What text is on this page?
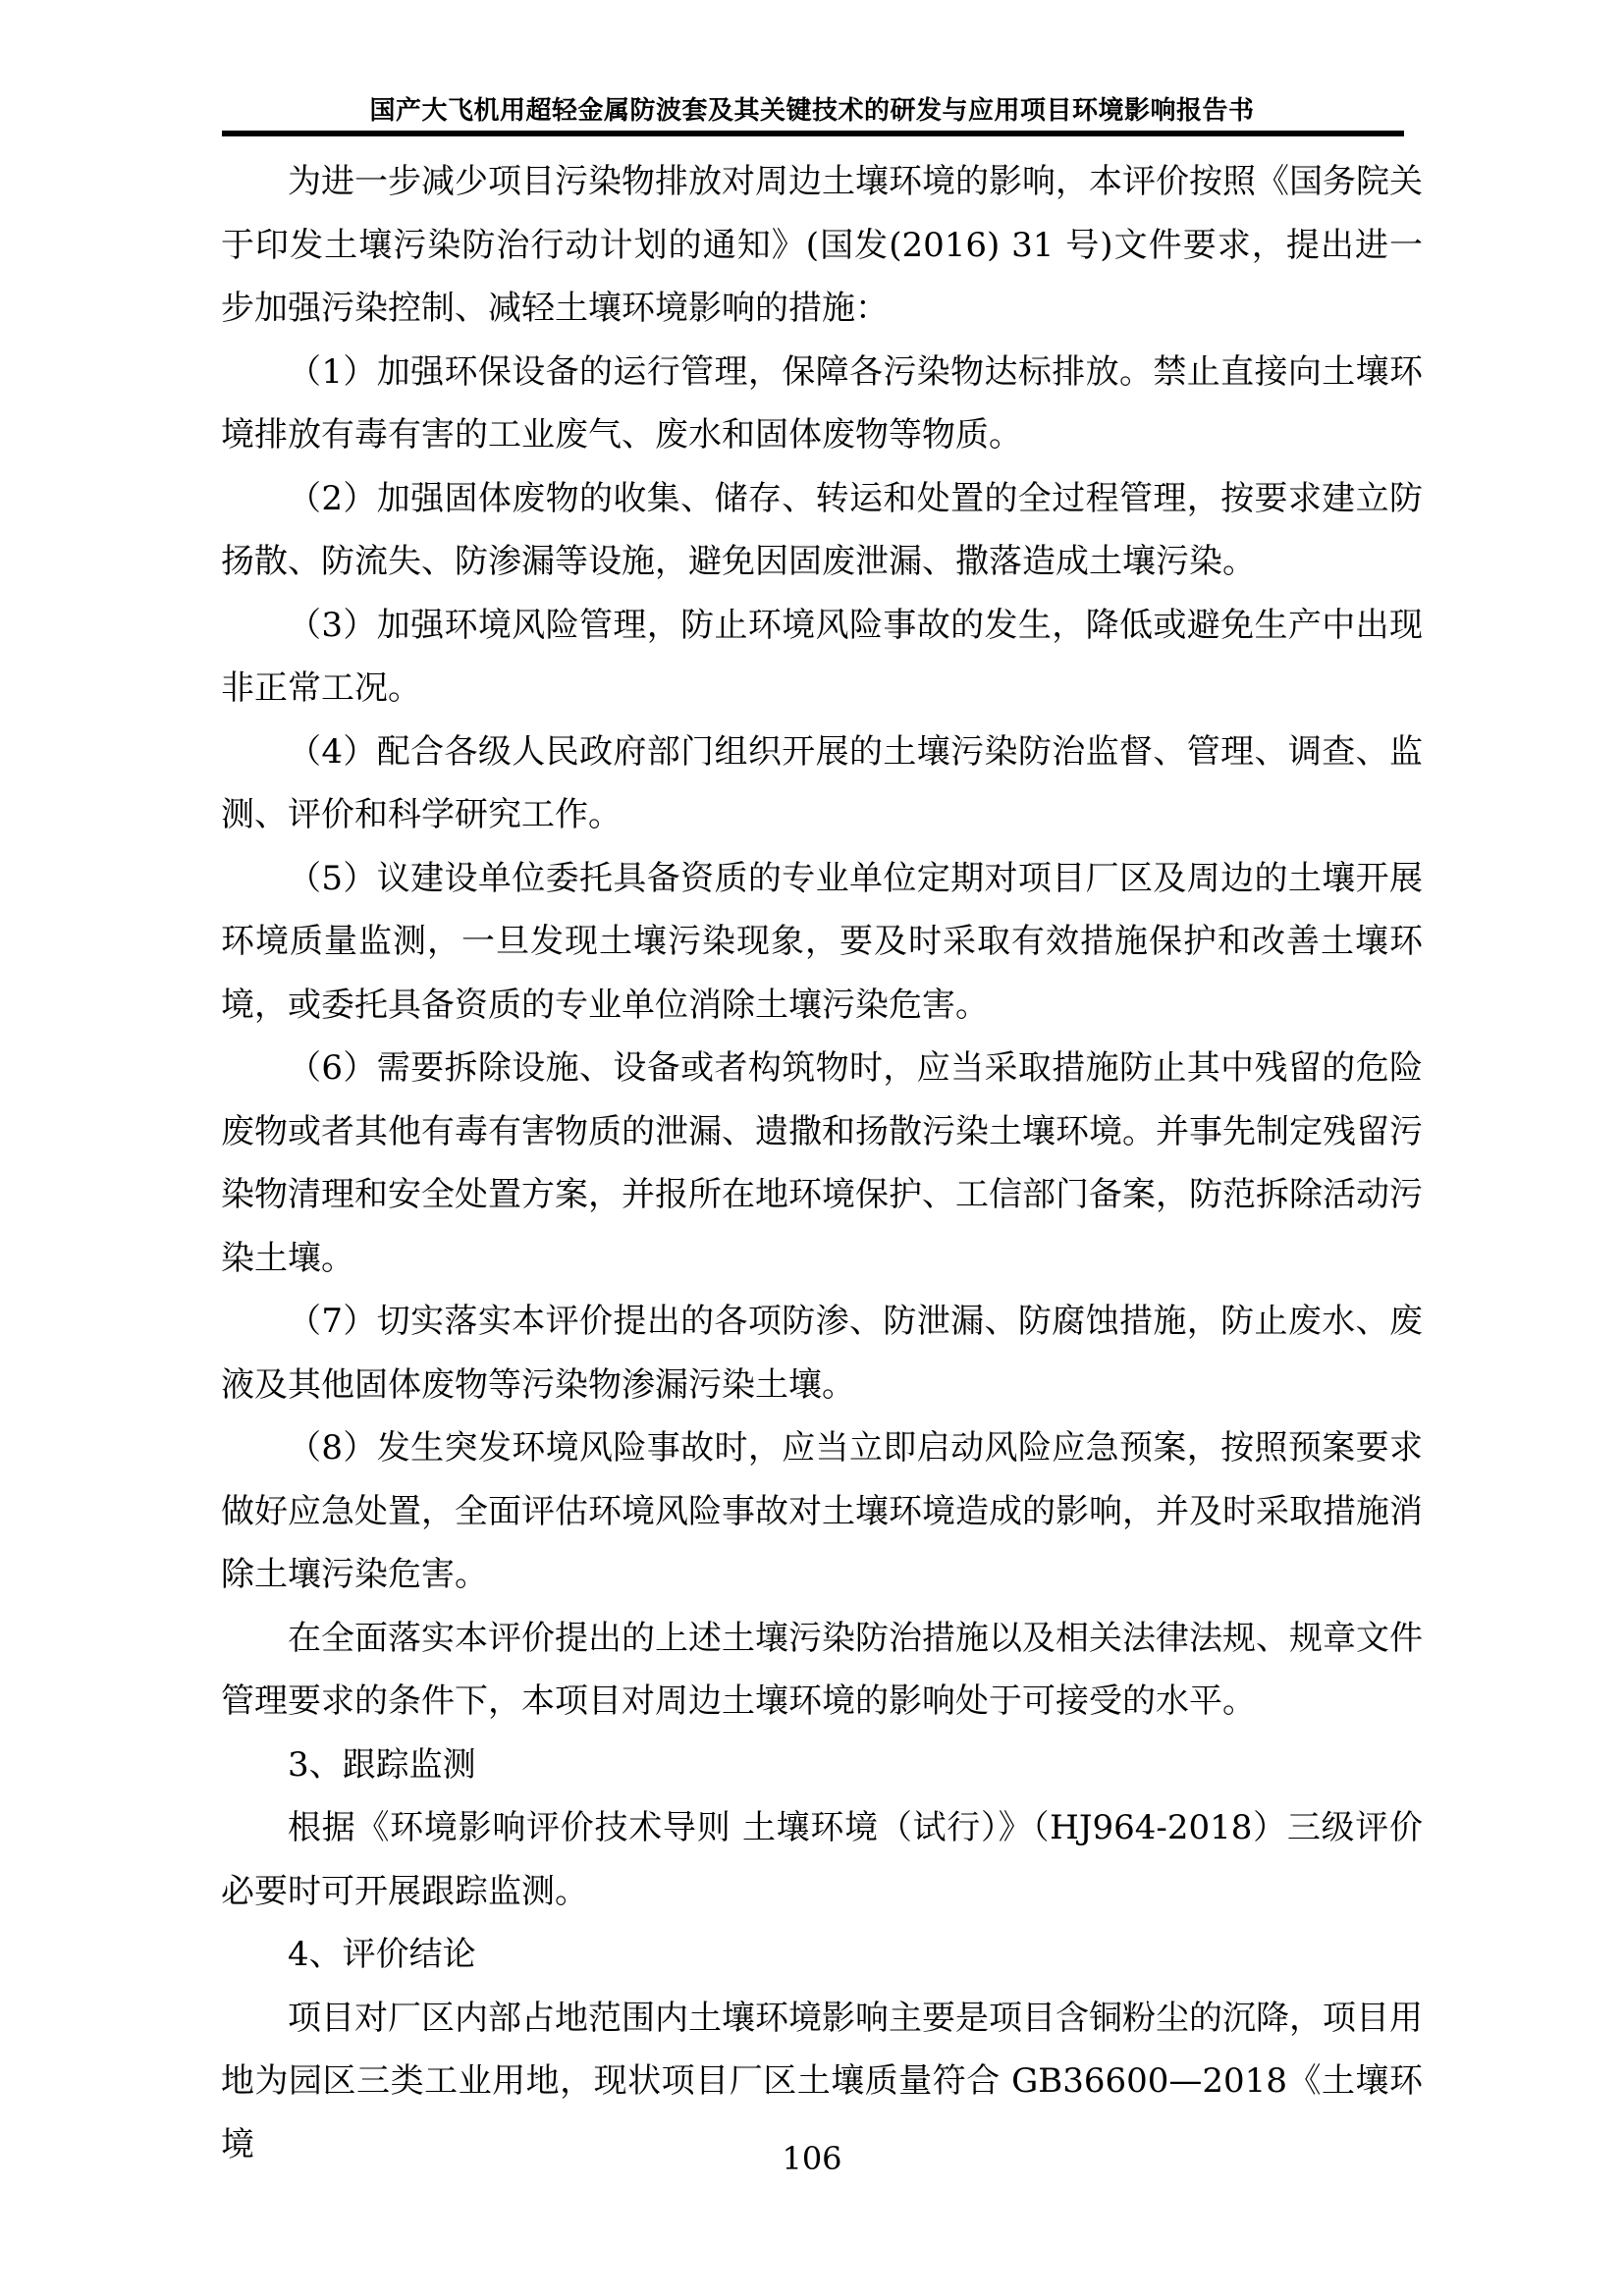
国产大飞机用超轻金属防波套及其关键技术的研发与应用项目环境影响报告书

为进一步减少项目污染物排放对周边土壤环境的影响，本评价按照《国务院关于印发土壤污染防治行动计划的通知》(国发(2016) 31 号)文件要求，提出进一步加强污染控制、减轻土壤环境影响的措施：

（1）加强环保设备的运行管理，保障各污染物达标排放。禁止直接向土壤环境排放有毒有害的工业废气、废水和固体废物等物质。

（2）加强固体废物的收集、储存、转运和处置的全过程管理，按要求建立防扬散、防流失、防渗漏等设施，避免因固废泄漏、撒落造成土壤污染。

（3）加强环境风险管理，防止环境风险事故的发生，降低或避免生产中出现非正常工况。

（4）配合各级人民政府部门组织开展的土壤污染防治监督、管理、调查、监测、评价和科学研究工作。

（5）议建设单位委托具备资质的专业单位定期对项目厂区及周边的土壤开展环境质量监测，一旦发现土壤污染现象，要及时采取有效措施保护和改善土壤环境，或委托具备资质的专业单位消除土壤污染危害。

（6）需要拆除设施、设备或者构筑物时，应当采取措施防止其中残留的危险废物或者其他有毒有害物质的泄漏、遗撒和扬散污染土壤环境。并事先制定残留污染物清理和安全处置方案，并报所在地环境保护、工信部门备案，防范拆除活动污染土壤。

（7）切实落实本评价提出的各项防渗、防泄漏、防腐蚀措施，防止废水、废液及其他固体废物等污染物渗漏污染土壤。

（8）发生突发环境风险事故时，应当立即启动风险应急预案，按照预案要求做好应急处置，全面评估环境风险事故对土壤环境造成的影响，并及时采取措施消除土壤污染危害。

在全面落实本评价提出的上述土壤污染防治措施以及相关法律法规、规章文件管理要求的条件下，本项目对周边土壤环境的影响处于可接受的水平。

3、跟踪监测

根据《环境影响评价技术导则 土壤环境（试行）》（HJ964-2018）三级评价必要时可开展跟踪监测。

4、评价结论

项目对厂区内部占地范围内土壤环境影响主要是项目含铜粉尘的沉降，项目用地为园区三类工业用地，现状项目厂区土壤质量符合 GB36600—2018《土壤环境	106
